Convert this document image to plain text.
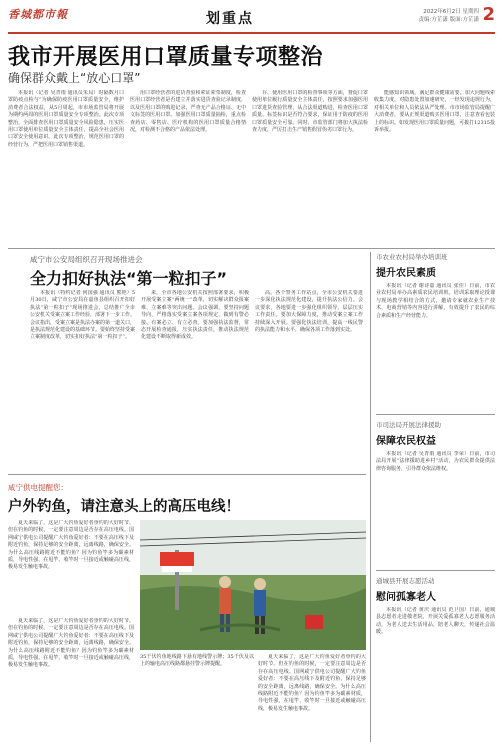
香城都市報	划重点	2022年6月2日 星期四
责编:方芷潇 版面:方芷潇 2
我市开展医用口罩质量专项整治
确保群众戴上“放心口罩”

本报讯（记者 吴青雨 通讯员朱局）时隔数月口罩防疫点检与“为确保防疫医用口罩质量安全，维护消费者合法权益，从5月周起，市市场监管局将开展为期约两周的医用口罩质量安全专项整治。此次专项整治，全面排查医用口罩质量安全风险隐患，压实医用口罩使用单位质量安全主体责任，提高全社会医用口罩安全使用意识。此次专项整治，规范医用口罩的经营行为，严把医用口罩销售渠道。

用口罩经营者的进货查验和索证索票制度，检查医用口罩经营者是否建立并落实进货查验记录制度，以及医用口罩的购进记录，严查无产品合格证、无中文标签的医用口罩。加强医用口罩质量抽检，重点检查药店、零售店、医疗机构的医用口罩质量合格情况，对检测不合格的产品依法处理。

存、使用医用口罩的检查事项等方面，督促口罩使用单位履行质量安全主体责任，按照要求加强医用口罩进货查验管理，从合法渠道购进，检查医用口罩质量、标签标识是否符合要求，保证用于防疫的医用口罩质量安全可靠。同时，市监管部门将加大执法检查力度，严厉打击生产销售假冒伪劣口罩行为。

能感知识领域，满足群众健康需要。加大问题线索收集力度，对隐患处置加速研究，一经发现违规行为，对相关单位和人员依法从严处理。市市场监管局提醒广大消费者，要从正规渠道购买医用口罩，注意查看包装上的标识。如发现医用口罩质量问题，可拨打12315投诉举报。

咸宁市公安局组织召开现场推进会
全力扣好执法“第一粒扣子”

本报讯（特约记者 何国强 通讯员 熊艳）5月30日，咸宁市公安局在嘉鱼县组织召开扣好执法“第一粒扣子”现场推进会，总结推广全市公安机关受案立案工作经验，部署下一步工作。会议指出，受案立案是执法办案的第一道关口，是执法规范化建设的基础环节。要始终坚持受案立案制度改革，切实扣好执法“第一粒扣子”。

来，全市各地公安机关按照部署要求，积极开展受案立案“两统一”改革，切实解决群众报案难、立案难等突出问题。会议强调，要坚持问题导向，严格落实受案立案各项规定，做到有警必接、有案必立、有立必查。要加强执法监督，常态开展检查通报，压实执法责任，推动执法规范化建设不断取得新成效。

高。各个警务工作站点，全市公安机关要进一步深化执法规范化建设，提升执法公信力。会议要求，各地要进一步强化组织领导，层层压实工作责任。要加大保障力度，推动受案立案工作持续深入开展。要强化执法培训，提高一线民警的执法能力和水平，确保各项工作落到实处。

咸宁供电提醒您：
户外钓鱼，请注意头上的高压电线！

夏天来临了，这是广大钓鱼爱好者垂钓的大好时节。但在钓鱼的时候，一定要注意周边是否存在高压电线。国网咸宁供电公司提醒广大钓鱼爱好者：不要在高压线下及附近钓鱼，保持足够的安全距离，远离线路，确保安全。为什么高压线路附近不能钓鱼？因为钓鱼竿多为碳素材质，导电性强，在甩竿、收竿时一旦接近或触碰高压线，极易发生触电事故。

35千伏钓鱼地线路下悬有地线警示牌；35千伏及以上的输电高压线路都悬挂警示牌提醒。

夏天来临了，这是广大钓鱼爱好者垂钓的大好时节。但在钓鱼的时候，一定要注意周边是否存在高压电线。国网咸宁供电公司提醒广大钓鱼爱好者：不要在高压线下及附近钓鱼，保持足够的安全距离，远离线路，确保安全。为什么高压线路附近不能钓鱼？因为钓鱼竿多为碳素材质，导电性强，在甩竿、收竿时一旦接近或触碰高压线，极易发生触电事故。

夏天来临了，这是广大钓鱼爱好者垂钓的大好时节。但在钓鱼的时候，一定要注意周边是否存在高压电线。国网咸宁供电公司提醒广大钓鱼爱好者：不要在高压线下及附近钓鱼，保持足够的安全距离，远离线路，确保安全。为什么高压线路附近不能钓鱼？因为钓鱼竿多为碳素材质，导电性强，在甩竿、收竿时一旦接近或触碰高压线，极易发生触电事故。

市农业农村局举办培训班
提升农民素质

本报讯（记者 谢诗嘉 通讯员 张佳）日前，市农业农村局举办高素质农民培训班。培训采取理论授课与现场教学相结合的方式，邀请专家就农业生产技术、电商营销等内容进行讲解，有效提升了农民的综合素质和生产经营能力。

市司法局开展法律援助
保障农民权益

本报讯（记者 吴青雨 通讯员 李荣）日前，市司法局开展“法律援助进乡村”活动，为农民群众提供法律咨询服务，引导群众依法维权。

通城县开展志愿活动
慰问孤寡老人

本报讯（记者 黄庆 通讯员 范卫国）日前，通城县志愿者走进敬老院，开展关爱孤寡老人志愿服务活动，为老人送去生活用品，陪老人聊天，传递社会温暖。
